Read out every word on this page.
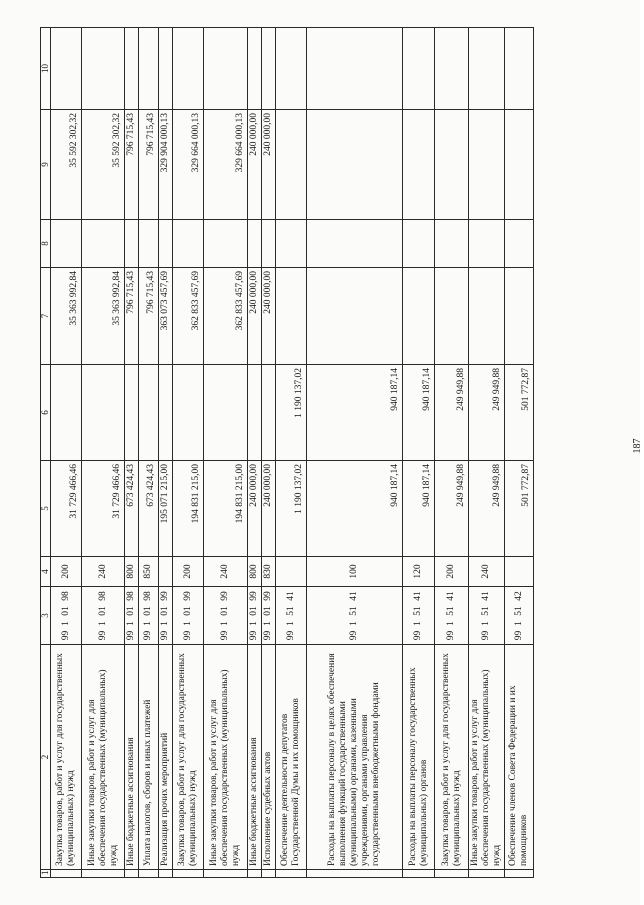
1	2	3	4	5	6	7	8	9	10
	Закупка товаров, работ и услуг для государственных (муниципальных) нужд	9910198	200	31 729 466,46		35 363 992,84		35 592 302,32	
	Иные закупки товаров, работ и услуг для обеспечения государственных (муниципальных) нужд	9910198	240	31 729 466,46		35 363 992,84		35 592 302,32	
	Иные бюджетные ассигнования	9910198	800	673 424,43		796 715,43		796 715,43	
	Уплата налогов, сборов и иных платежей	9910198	850	673 424,43		796 715,43		796 715,43	
	Реализация прочих мероприятий	9910199		195 071 215,00		363 073 457,69		329 904 000,13	
	Закупка товаров, работ и услуг для государственных (муниципальных) нужд	9910199	200	194 831 215,00		362 833 457,69		329 664 000,13	
	Иные закупки товаров, работ и услуг для обеспечения государственных (муниципальных) нужд	9910199	240	194 831 215,00		362 833 457,69		329 664 000,13	
	Иные бюджетные ассигнования	9910199	800	240 000,00		240 000,00		240 000,00	
	Исполнение судебных актов	9910199	830	240 000,00		240 000,00		240 000,00	
	Обеспечение деятельности депутатов Государственной Думы и их помощников	9915141		1 190 137,02	1 190 137,02				
	Расходы на выплаты персоналу в целях обеспечения выполнения функций государственными (муниципальными) органами, казенными учреждениями, органами управления государственными внебюджетными фондами	9915141	100	940 187,14	940 187,14				
	Расходы на выплаты персоналу государственных (муниципальных) органов	9915141	120	940 187,14	940 187,14				
	Закупка товаров, работ и услуг для государственных (муниципальных) нужд	9915141	200	249 949,88	249 949,88				
	Иные закупки товаров, работ и услуг для обеспечения государственных (муниципальных) нужд	9915141	240	249 949,88	249 949,88				
	Обеспечение членов Совета Федерации и их помощников	9915142		501 772,87	501 772,87				
187
